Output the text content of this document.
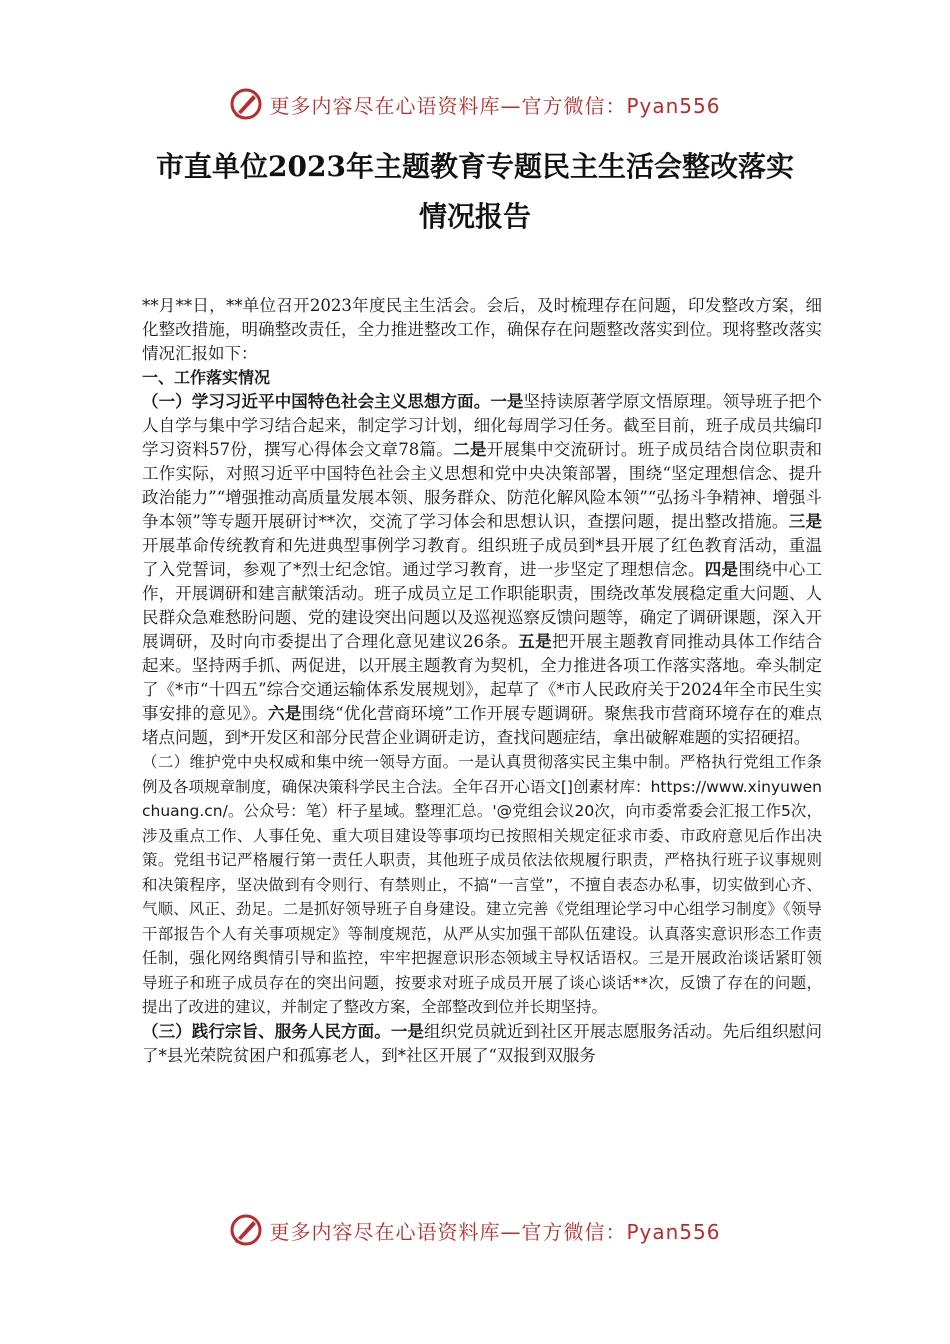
更多内容尽在心语资料库—官方微信：Pyan556
市直单位2023年主题教育专题民主生活会整改落实
情况报告

**月**日，**单位召开2023年度民主生活会。会后，及时梳理存在问题，印发整改方案，细化整改措施，明确整改责任，全力推进整改工作，确保存在问题整改落实到位。现将整改落实情况汇报如下：

一、工作落实情况

（一）学习习近平中国特色社会主义思想方面。一是坚持读原著学原文悟原理。领导班子把个人自学与集中学习结合起来，制定学习计划，细化每周学习任务。截至目前，班子成员共编印学习资料57份，撰写心得体会文章78篇。二是开展集中交流研讨。班子成员结合岗位职责和工作实际，对照习近平中国特色社会主义思想和党中央决策部署，围绕“坚定理想信念、提升政治能力”“增强推动高质量发展本领、服务群众、防范化解风险本领”“弘扬斗争精神、增强斗争本领”等专题开展研讨**次，交流了学习体会和思想认识，查摆问题，提出整改措施。三是开展革命传统教育和先进典型事例学习教育。组织班子成员到*县开展了红色教育活动，重温了入党誓词，参观了*烈士纪念馆。通过学习教育，进一步坚定了理想信念。四是围绕中心工作，开展调研和建言献策活动。班子成员立足工作职能职责，围绕改革发展稳定重大问题、人民群众急难愁盼问题、党的建设突出问题以及巡视巡察反馈问题等，确定了调研课题，深入开展调研，及时向市委提出了合理化意见建议26条。五是把开展主题教育同推动具体工作结合起来。坚持两手抓、两促进，以开展主题教育为契机，全力推进各项工作落实落地。牵头制定了《*市“十四五”综合交通运输体系发展规划》，起草了《*市人民政府关于2024年全市民生实事安排的意见》。六是围绕“优化营商环境”工作开展专题调研。聚焦我市营商环境存在的难点堵点问题，到*开发区和部分民营企业调研走访，查找问题症结，拿出破解难题的实招硬招。

（二）维护党中央权威和集中统一领导方面。一是认真贯彻落实民主集中制。严格执行党组工作条例及各项规章制度，确保决策科学民主合法。全年召开心语文[]创素材库：https://www.xinyuwenchuang.cn/。公众号：笔）杆子星域。整理汇总。'@党组会议20次，向市委常委会汇报工作5次，涉及重点工作、人事任免、重大项目建设等事项均已按照相关规定征求市委、市政府意见后作出决策。党组书记严格履行第一责任人职责，其他班子成员依法依规履行职责，严格执行班子议事规则和决策程序，坚决做到有令则行、有禁则止，不搞“一言堂”，不擅自表态办私事，切实做到心齐、气顺、风正、劲足。二是抓好领导班子自身建设。建立完善《党组理论学习中心组学习制度》《领导干部报告个人有关事项规定》等制度规范，从严从实加强干部队伍建设。认真落实意识形态工作责任制，强化网络舆情引导和监控，牢牢把握意识形态领域主导权话语权。三是开展政治谈话紧盯领导班子和班子成员存在的突出问题，按要求对班子成员开展了谈心谈话**次，反馈了存在的问题，提出了改进的建议，并制定了整改方案，全部整改到位并长期坚持。

（三）践行宗旨、服务人民方面。一是组织党员就近到社区开展志愿服务活动。先后组织慰问了*县光荣院贫困户和孤寡老人，到*社区开展了“双报到双服务

更多内容尽在心语资料库—官方微信：Pyan556
